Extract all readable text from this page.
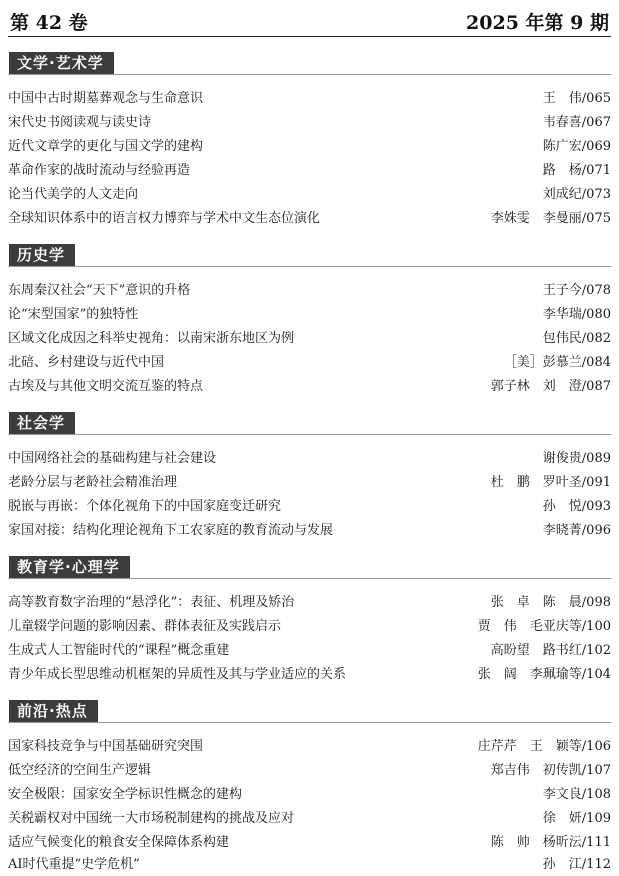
第 42 卷	2025 年第 9 期
文学·艺术学
中国中古时期墓葬观念与生命意识	王　伟/065
宋代史书阅读观与读史诗	韦春喜/067
近代文章学的更化与国文学的建构	陈广宏/069
革命作家的战时流动与经验再造	路　杨/071
论当代美学的人文走向	刘成纪/073
全球知识体系中的语言权力博弈与学术中文生态位演化	李姝雯　李曼丽/075
历史学
东周秦汉社会“天下”意识的升格	王子今/078
论“宋型国家”的独特性	李华瑞/080
区域文化成因之科举史视角：以南宋浙东地区为例	包伟民/082
北碚、乡村建设与近代中国	［美］彭慕兰/084
古埃及与其他文明交流互鉴的特点	郭子林　刘　澄/087
社会学
中国网络社会的基础构建与社会建设	谢俊贵/089
老龄分层与老龄社会精准治理	杜　鹏　罗叶圣/091
脱嵌与再嵌：个体化视角下的中国家庭变迁研究	孙　悦/093
家国对接：结构化理论视角下工农家庭的教育流动与发展	李晓菁/096
教育学·心理学
高等教育数字治理的“悬浮化”：表征、机理及矫治	张　卓　陈　晨/098
儿童辍学问题的影响因素、群体表征及实践启示	贾　伟　毛亚庆等/100
生成式人工智能时代的“课程”概念重建	高盼望　路书红/102
青少年成长型思维动机框架的异质性及其与学业适应的关系	张　阔　李珮瑜等/104
前沿·热点
国家科技竞争与中国基础研究突围	庄芹芹　王　颖等/106
低空经济的空间生产逻辑	郑吉伟　初传凯/107
安全极限：国家安全学标识性概念的建构	李文良/108
关税霸权对中国统一大市场税制建构的挑战及应对	徐　妍/109
适应气候变化的粮食安全保障体系构建	陈　帅　杨昕沄/111
AI时代重提“史学危机”	孙　江/112
